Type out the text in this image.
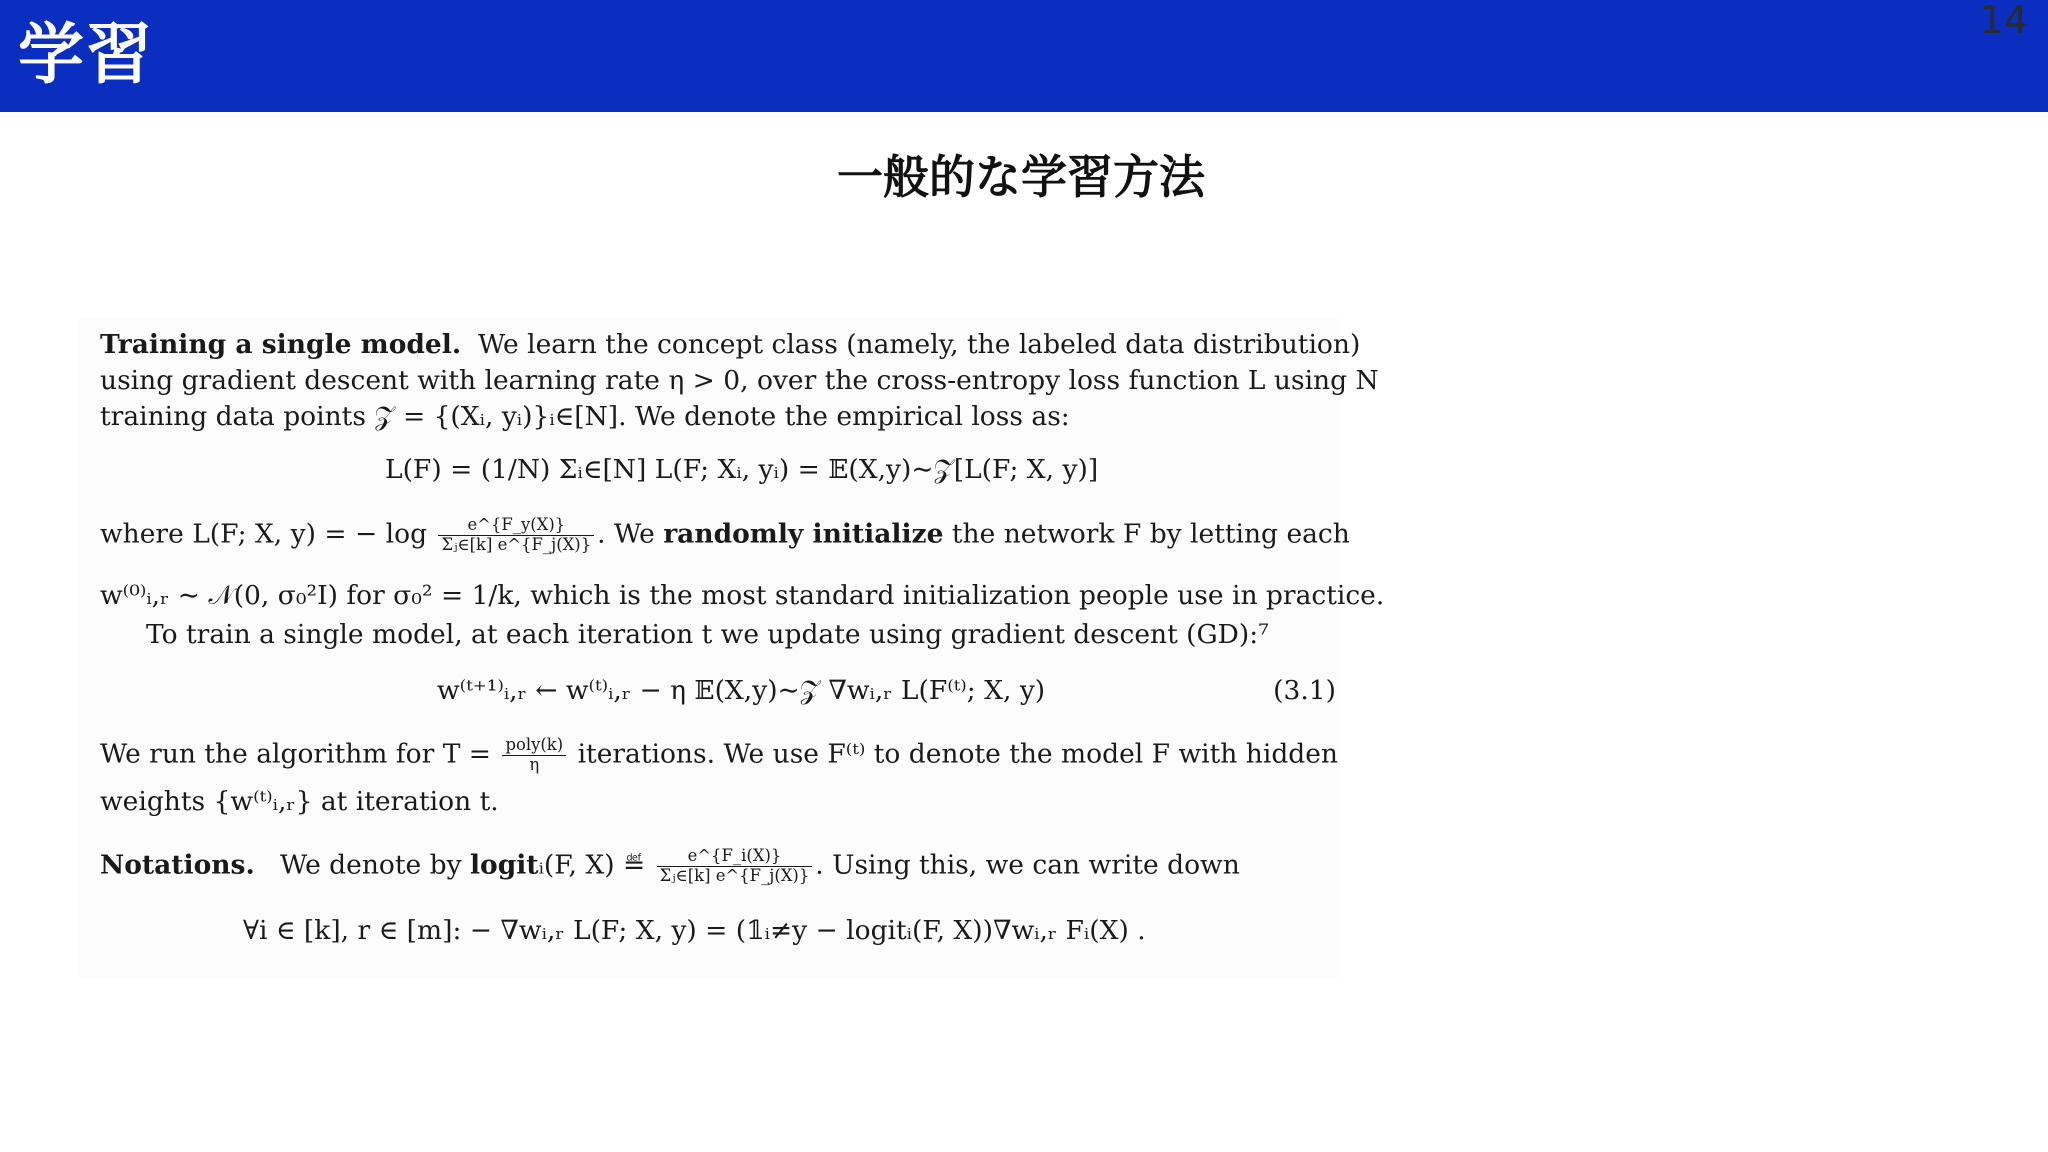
学習	14
一般的な学習方法
Training a single model. We learn the concept class (namely, the labeled data distribution)
using gradient descent with learning rate η > 0, over the cross-entropy loss function L using N
training data points 𝒵 = {(Xᵢ, yᵢ)}ᵢ∈[N]. We denote the empirical loss as:
L(F) = (1/N) Σᵢ∈[N] L(F; Xᵢ, yᵢ) = 𝔼(X,y)∼𝒵[L(F; X, y)]
where L(F; X, y) = − $\log \frac{e\^{}\{F\_y(X)\}}{\text{Σⱼ∈[k] e\textasciicircum{}\{F\_j(X)\}}}$ . We randomly initialize the network F by letting each
w⁽⁰⁾ᵢ,ᵣ ∼ 𝒩(0, σ₀²I) for σ₀² = 1/k, which is the most standard initialization people use in practice.
To train a single model, at each iteration t we update using gradient descent (GD):⁷
w⁽ᵗ⁺¹⁾ᵢ,ᵣ ← w⁽ᵗ⁾ᵢ,ᵣ − η 𝔼(X,y)∼𝒵 ∇wᵢ,ᵣ L(F⁽ᵗ⁾; X, y)	(3.1)
We run the algorithm for $T = \frac{\text{poly(k)}}{\eta}$ iterations. We use F⁽ᵗ⁾ to denote the model F with hidden
weights {w⁽ᵗ⁾ᵢ,ᵣ} at iteration t.
Notations. We denote by logitᵢ(F, X) ≝ $\frac{e\^{}\{F\_i(X)\}}{\text{Σⱼ∈[k] e\textasciicircum{}\{F\_j(X)\}}}$ . Using this, we can write down
∀i ∈ [k], r ∈ [m]: − ∇wᵢ,ᵣ L(F; X, y) = (𝟙ᵢ≠y − logitᵢ(F, X))∇wᵢ,ᵣ Fᵢ(X) .
